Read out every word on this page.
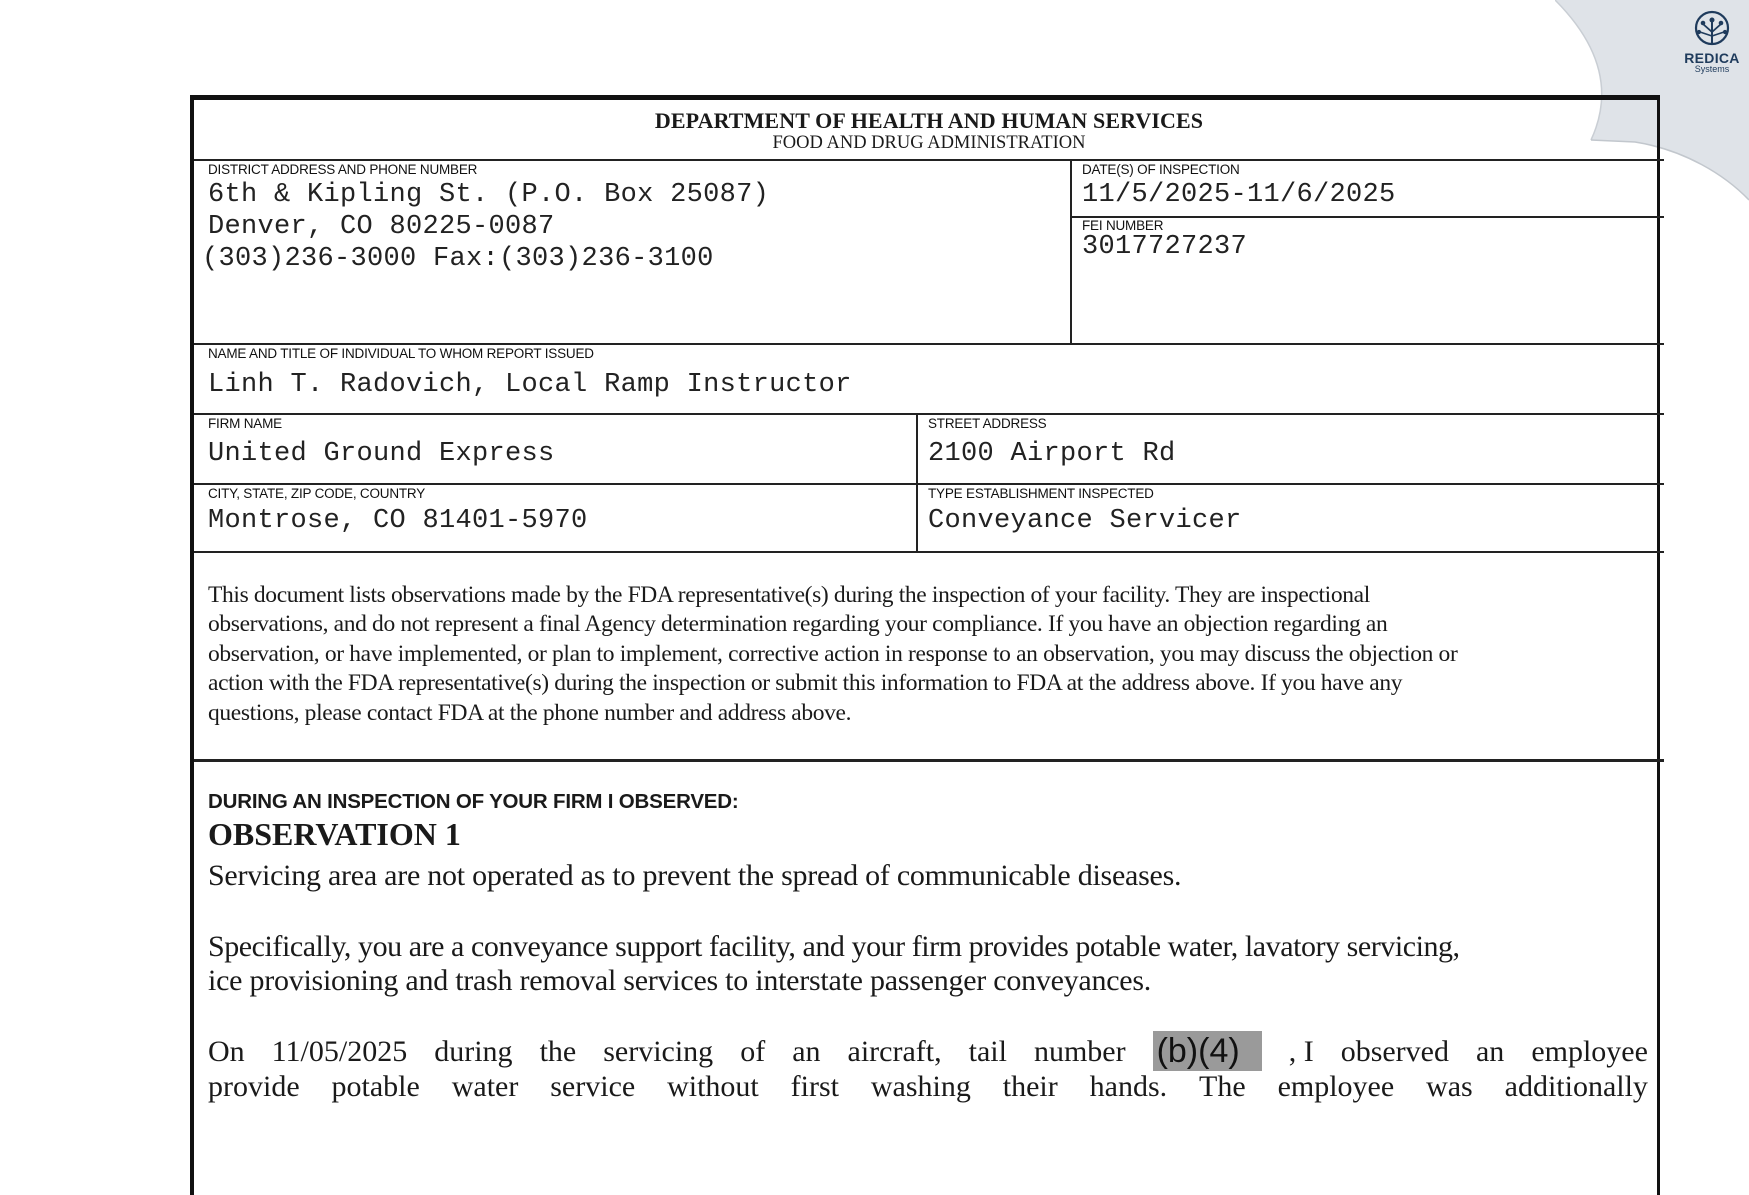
REDICA
Systems
DEPARTMENT OF HEALTH AND HUMAN SERVICES
FOOD AND DRUG ADMINISTRATION
DISTRICT ADDRESS AND PHONE NUMBER
6th & Kipling St. (P.O. Box 25087)
Denver, CO 80225-0087
(303)236-3000 Fax:(303)236-3100
DATE(S) OF INSPECTION
11/5/2025-11/6/2025
FEI NUMBER
3017727237
NAME AND TITLE OF INDIVIDUAL TO WHOM REPORT ISSUED
Linh T. Radovich, Local Ramp Instructor
FIRM NAME
United Ground Express
STREET ADDRESS
2100 Airport Rd
CITY, STATE, ZIP CODE, COUNTRY
Montrose, CO 81401-5970
TYPE ESTABLISHMENT INSPECTED
Conveyance Servicer
This document lists observations made by the FDA representative(s) during the inspection of your facility. They are inspectional
observations, and do not represent a final Agency determination regarding your compliance. If you have an objection regarding an
observation, or have implemented, or plan to implement, corrective action in response to an observation, you may discuss the objection or
action with the FDA representative(s) during the inspection or submit this information to FDA at the address above. If you have any
questions, please contact FDA at the phone number and address above.
DURING AN INSPECTION OF YOUR FIRM I OBSERVED:
OBSERVATION 1
Servicing area are not operated as to prevent the spread of communicable diseases.
Specifically, you are a conveyance support facility, and your firm provides potable water, lavatory servicing,
ice provisioning and trash removal services to interstate passenger conveyances.
On 11/05/2025 during the servicing of an aircraft, tail number (b)(4)	, I observed an employee
provide potable water service without first washing their hands. The employee was additionally
